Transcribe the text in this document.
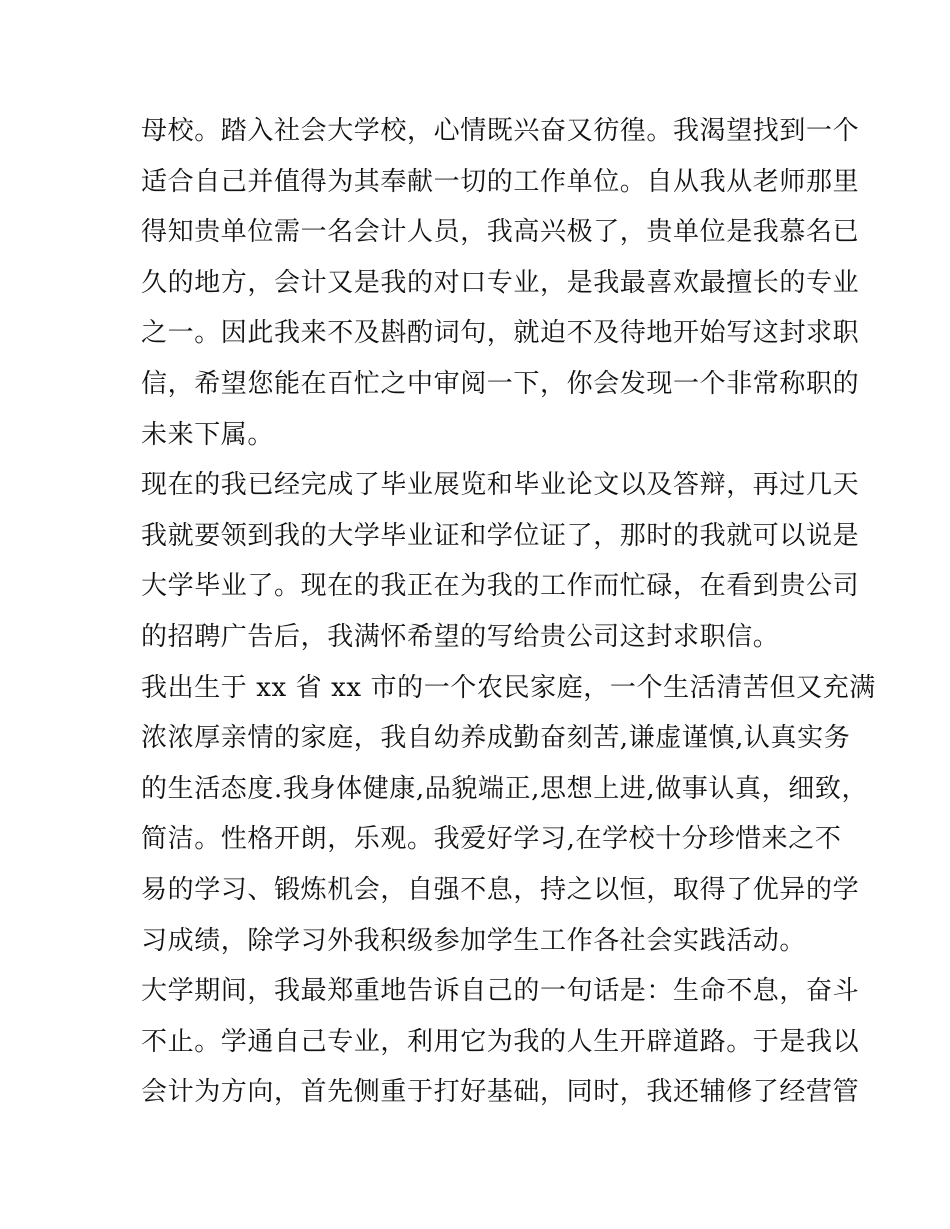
母校。踏入社会大学校，心情既兴奋又彷徨。我渴望找到一个
适合自己并值得为其奉献一切的工作单位。自从我从老师那里
得知贵单位需一名会计人员，我高兴极了，贵单位是我慕名已
久的地方，会计又是我的对口专业，是我最喜欢最擅长的专业
之一。因此我来不及斟酌词句，就迫不及待地开始写这封求职
信，希望您能在百忙之中审阅一下，你会发现一个非常称职的
未来下属。
现在的我已经完成了毕业展览和毕业论文以及答辩，再过几天
我就要领到我的大学毕业证和学位证了，那时的我就可以说是
大学毕业了。现在的我正在为我的工作而忙碌，在看到贵公司
的招聘广告后，我满怀希望的写给贵公司这封求职信。
我出生于 xx 省 xx 市的一个农民家庭，一个生活清苦但又充满
浓浓厚亲情的家庭，我自幼养成勤奋刻苦,谦虚谨慎,认真实务
的生活态度.我身体健康,品貌端正,思想上进,做事认真，细致，
简洁。性格开朗，乐观。我爱好学习,在学校十分珍惜来之不
易的学习、锻炼机会，自强不息，持之以恒，取得了优异的学
习成绩，除学习外我积级参加学生工作各社会实践活动。
大学期间，我最郑重地告诉自己的一句话是：生命不息，奋斗
不止。学通自己专业，利用它为我的人生开辟道路。于是我以
会计为方向，首先侧重于打好基础，同时，我还辅修了经营管
